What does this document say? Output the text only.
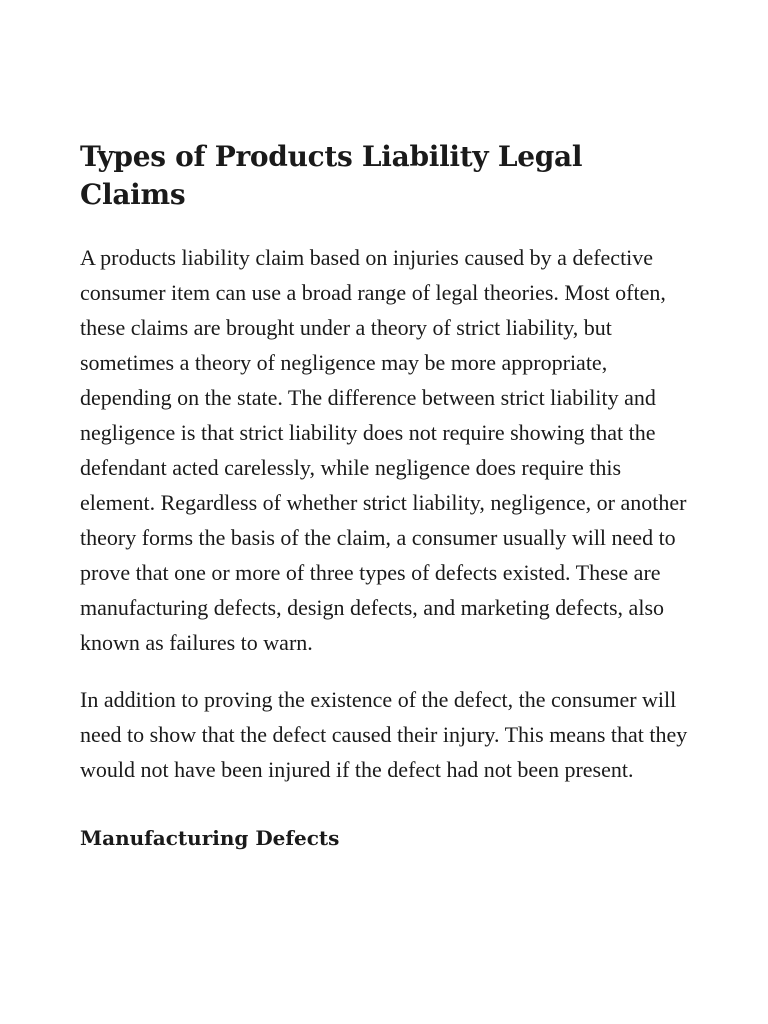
Types of Products Liability Legal Claims

A products liability claim based on injuries caused by a defective consumer item can use a broad range of legal theories. Most often, these claims are brought under a theory of strict liability, but sometimes a theory of negligence may be more appropriate, depending on the state. The difference between strict liability and negligence is that strict liability does not require showing that the defendant acted carelessly, while negligence does require this element. Regardless of whether strict liability, negligence, or another theory forms the basis of the claim, a consumer usually will need to prove that one or more of three types of defects existed. These are manufacturing defects, design defects, and marketing defects, also known as failures to warn.

In addition to proving the existence of the defect, the consumer will need to show that the defect caused their injury. This means that they would not have been injured if the defect had not been present.

Manufacturing Defects
